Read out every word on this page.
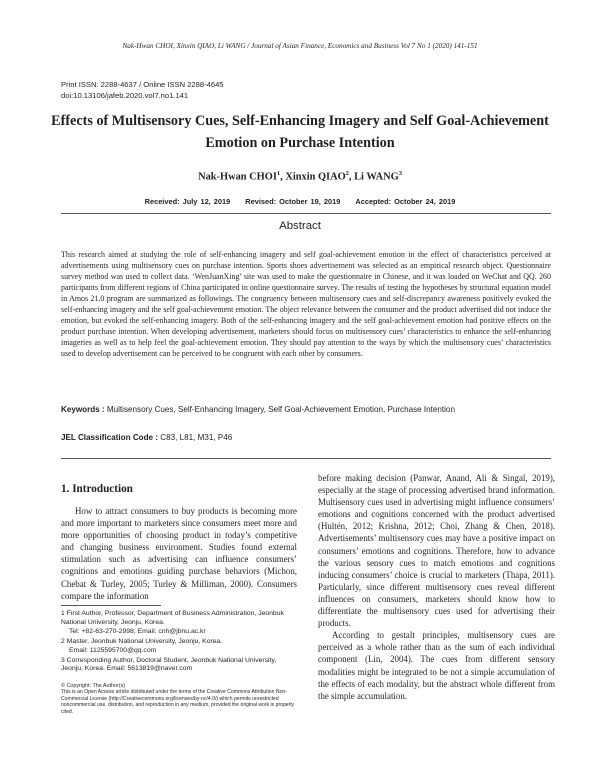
Nak-Hwan CHOI, Xinxin QIAO, Li WANG / Journal of Asian Finance, Economics and Business Vol 7 No 1 (2020) 141-151
Print ISSN: 2288-4637 / Online ISSN 2288-4645
doi:10.13106/jafeb.2020.vol7.no1.141
Effects of Multisensory Cues, Self-Enhancing Imagery and Self Goal-Achievement Emotion on Purchase Intention
Nak-Hwan CHOI$^1$, Xinxin QIAO$^2$, Li WANG$^3$
Received: July 12, 2019 Revised: October 19, 2019 Accepted: October 24, 2019
Abstract
This research aimed at studying the role of self-enhancing imagery and self goal-achievement emotion in the effect of characteristics perceived at advertisements using multisensory cues on purchase intention. Sports shoes advertisement was selected as an empirical research object. Questionnaire survey method was used to collect data. ‘WenJuanXing’ site was used to make the questionnaire in Chinese, and it was loaded on WeChat and QQ. 260 participants from different regions of China participated in online questionnaire survey. The results of testing the hypotheses by structural equation model in Amos 21.0 program are summarized as followings. The congruency between multisensory cues and self-discrepancy awareness positively evoked the self-enhancing imagery and the self goal-achievement emotion. The object relevance between the consumer and the product advertised did not induce the emotion, but evoked the self-enhancing imagery. Both of the self-enhancing imagery and the self goal-achievement emotion had positive effects on the product purchase intention. When developing advertisement, marketers should focus on multisensory cues’ characteristics to enhance the self-enhancing imageries as well as to help feel the goal-achievement emotion. They should pay attention to the ways by which the multisensory cues’ characteristics used to develop advertisement can be perceived to be congruent with each other by consumers.
Keywords : Multisensory Cues, Self-Enhancing Imagery, Self Goal-Achievement Emotion, Purchase Intention
JEL Classification Code : C83, L81, M31, P46
1. Introduction
How to attract consumers to buy products is becoming more and more important to marketers since consumers meet more and more opportunities of choosing product in today’s competitive and changing business environment. Studies found external stimulation such as advertising can influence consumers’ cognitions and emotions guiding purchase behaviors (Michon, Chebat & Turley, 2005; Turley & Milliman, 2000). Consumers compare the information

before making decision (Panwar, Anand, Ali & Singal, 2019), especially at the stage of processing advertised brand information. Multisensory cues used in advertising might influence consumers’ emotions and cognitions concerned with the product advertised (Hultén, 2012; Krishna, 2012; Choi, Zhang & Chen, 2018). Advertisements’ multisensory cues may have a positive impact on consumers’ emotions and cognitions. Therefore, how to advance the various sensory cues to match emotions and cognitions inducing consumers’ choice is crucial to marketers (Thapa, 2011). Particularly, since different multisensory cues reveal different influences on consumers, marketers should know how to differentiate the multisensory cues used for advertising their products.

According to gestalt principles, multisensory cues are perceived as a whole rather than as the sum of each individual component (Lin, 2004). The cues from different sensory modalities might be integrated to be not a simple accumulation of the effects of each modality, but the abstract whole different from the simple accumulation.

1 First Author, Professor, Department of Business Administration, Jeonbuk National University, Jeonju, Korea.
Tel: +82-63-270-2998, Email: cnh@jbnu.ac.kr
2 Master, Jeonbuk National University, Jeonju, Korea.
Email: 1125595700@qq.com
3 Corresponding Author, Doctoral Student, Jeonbuk National University, Jeonju, Korea. Email: 5613819@naver.com
© Copyright: The Author(s)
This is an Open Access article distributed under the terms of the Creative Commons Attribution Non-Commercial License (http://Creativecommons.org/licenses/by-nc/4.0/) which permits unrestricted noncommercial use, distribution, and reproduction in any medium, provided the original work is properly cited.
